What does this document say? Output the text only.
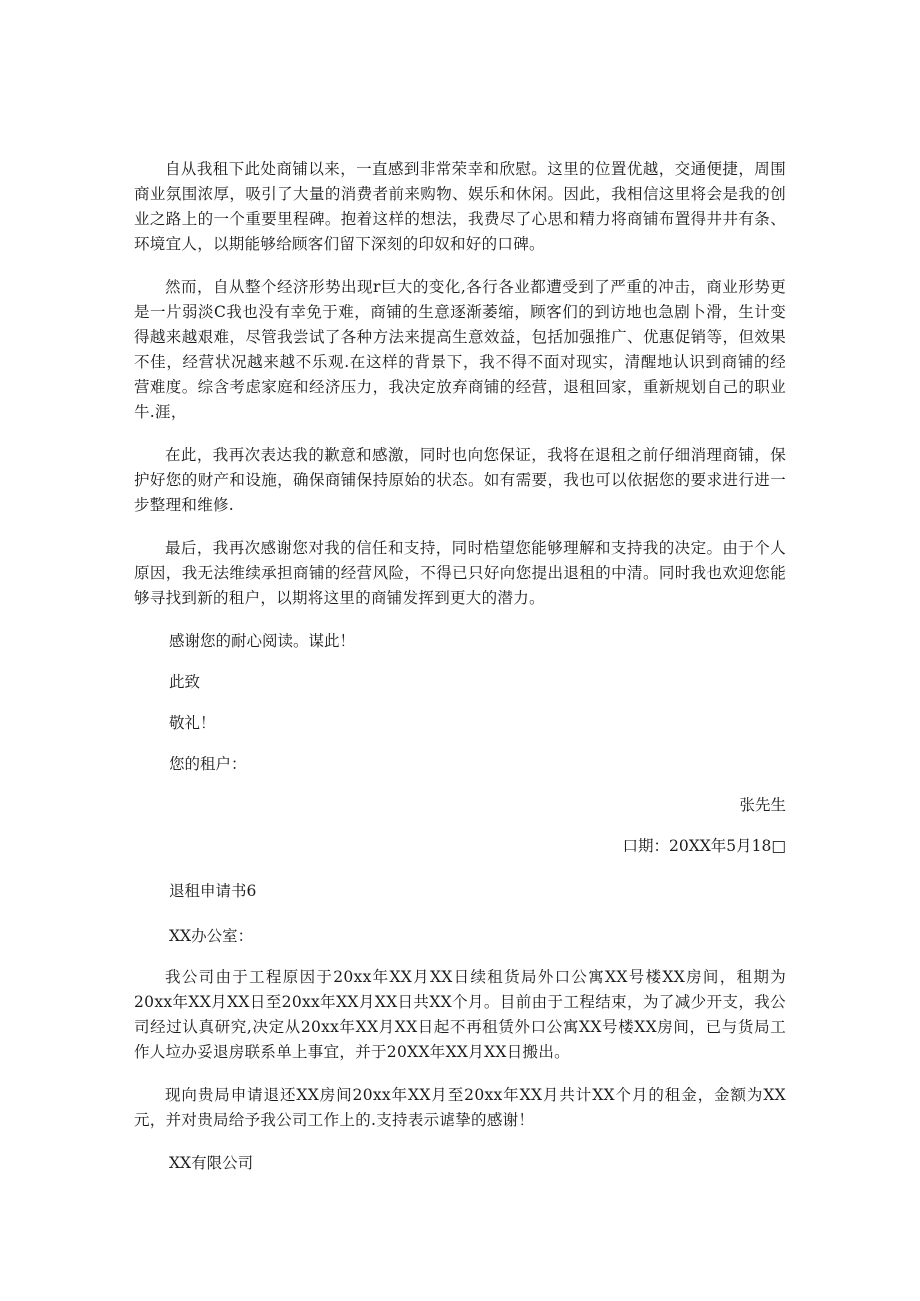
自从我租下此处商铺以来，一直感到非常荣幸和欣慰。这里的位置优越，交通便捷，周围商业氛围浓厚，吸引了大量的消费者前来购物、娱乐和休闲。因此，我相信这里将会是我的创业之路上的一个重要里程碑。抱着这样的想法，我费尽了心思和精力将商铺布置得井井有条、环境宜人，以期能够给顾客们留下深刻的印奴和好的口碑。

然而，自从整个经济形势出现r巨大的变化,各行各业都遭受到了严重的冲击，商业形势更是一片弱淡C我也没有幸免于难，商铺的生意逐渐萎缩，顾客们的到访地也急剧卜滑，生计变得越来越艰难，尽管我尝试了各种方法来提高生意效益，包括加强推广、优惠促销等，但效果不佳，经营状况越来越不乐观.在这样的背景下，我不得不面对现实，清醒地认识到商铺的经营难度。综含考虑家庭和经济压力，我决定放弃商铺的经营，退租回家，重新规划自己的职业牛.涯，

在此，我再次表达我的歉意和感激，同时也向您保证，我将在退租之前仔细消理商铺，保护好您的财产和设施，确保商铺保持原始的状态。如有需要，我也可以依据您的要求进行进一步整理和维修.

最后，我再次感谢您对我的信任和支持，同时梏望您能够理解和支持我的决定。由于个人原因，我无法维续承担商铺的经营风险，不得已只好向您提出退租的中清。同时我也欢迎您能够寻找到新的租户，以期将这里的商铺发挥到更大的潜力。

感谢您的耐心阅读。谋此！

此致

敬礼！

您的租户：

张先生

口期：20XX年5月18□

退租申请书6

XX办公室：

我公司由于工程原因于20xx年XX月XX日续租货局外口公寓XX号楼XX房间，租期为20xx年XX月XX日至20xx年XX月XX日共XX个月。目前由于工程结束，为了减少开支，我公司经过认真研究,决定从20xx年XX月XX日起不再租赁外口公寓XX号楼XX房间，已与货局工作人垃办妥退房联系单上事宜，并于20XX年XX月XX日搬出。

现向贵局申请退还XX房间20xx年XX月至20xx年XX月共计XX个月的租金，金额为XX元，并对贵局给予我公司工作上的.支持表示谑挚的感谢！

XX有限公司
